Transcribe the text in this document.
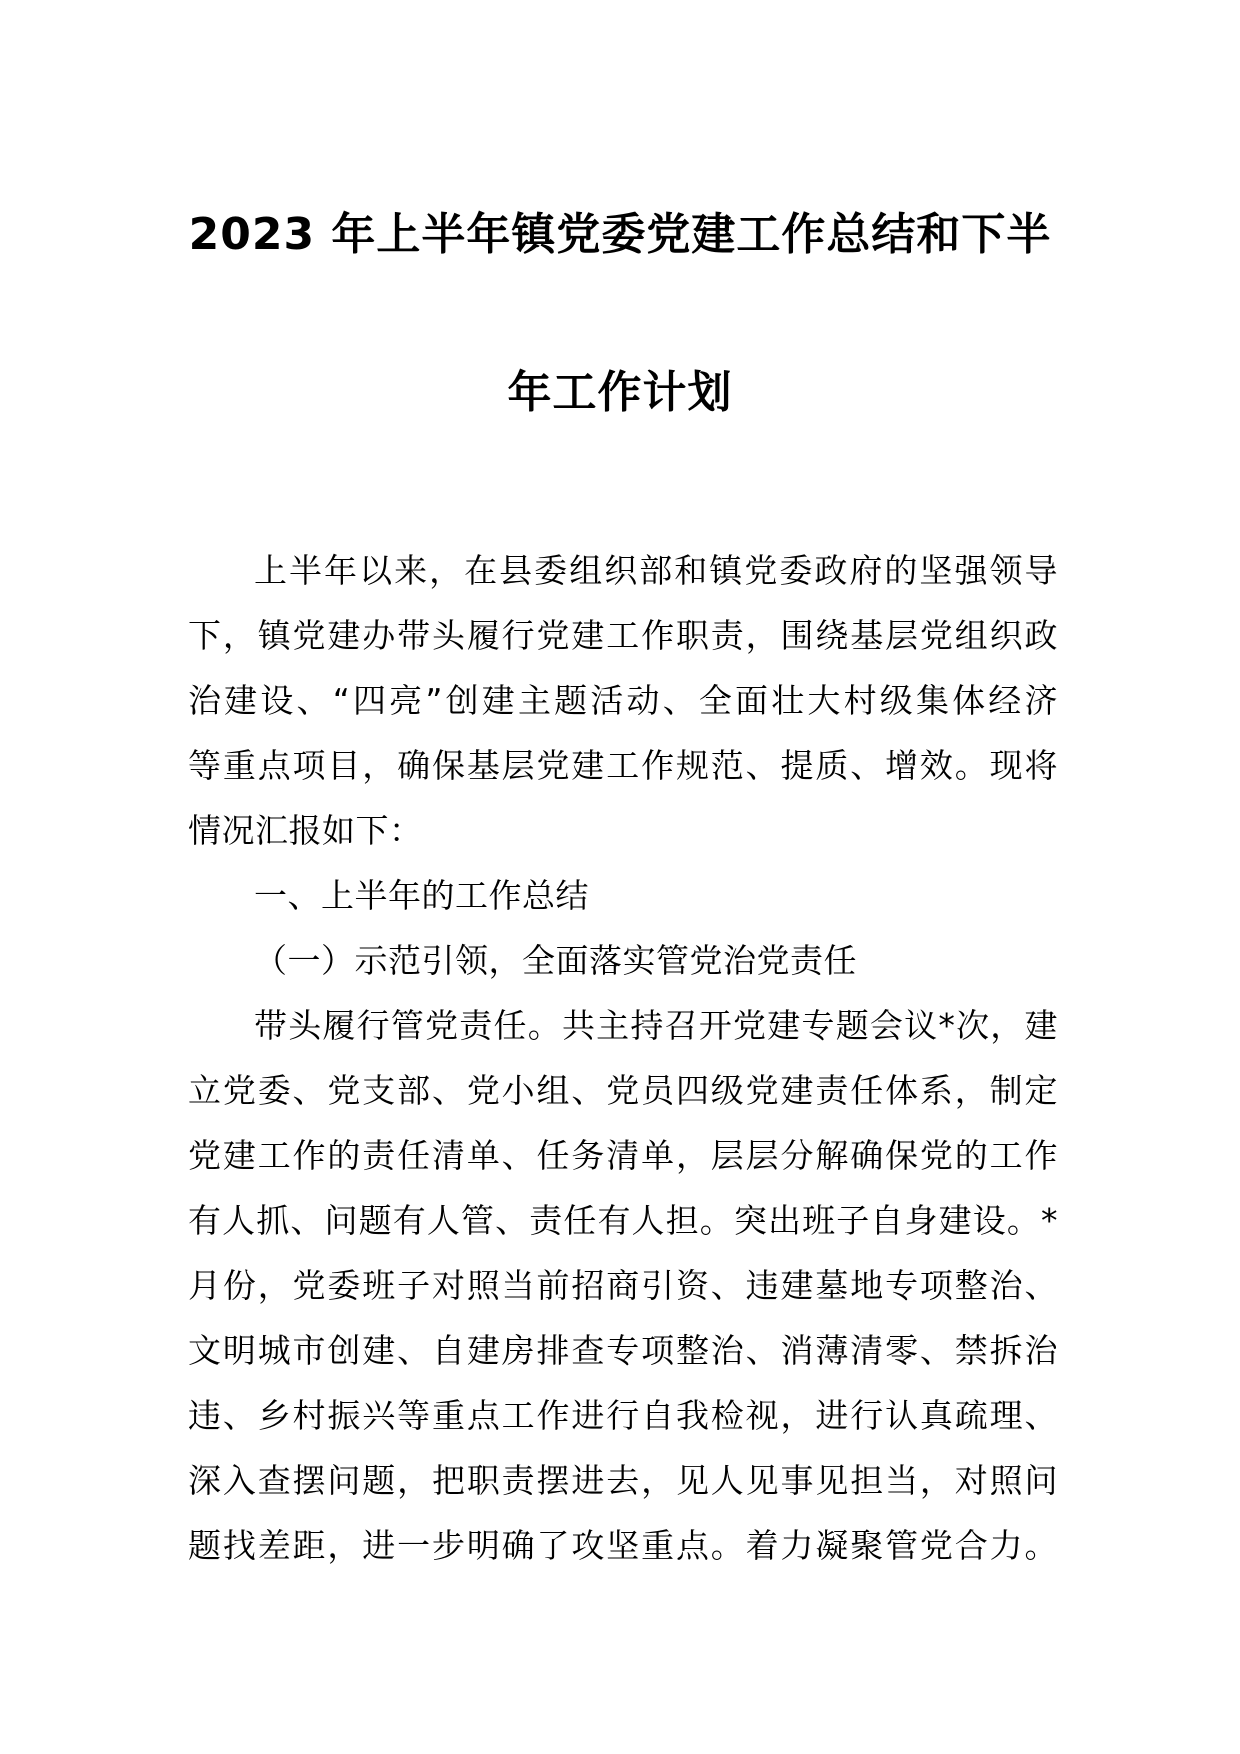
2023 年上半年镇党委党建工作总结和下半
年工作计划
上半年以来，在县委组织部和镇党委政府的坚强领导
下，镇党建办带头履行党建工作职责，围绕基层党组织政
治建设、“四亮”创建主题活动、全面壮大村级集体经济
等重点项目，确保基层党建工作规范、提质、增效。现将
情况汇报如下：
一、上半年的工作总结
（一）示范引领，全面落实管党治党责任
带头履行管党责任。共主持召开党建专题会议*次，建
立党委、党支部、党小组、党员四级党建责任体系，制定
党建工作的责任清单、任务清单，层层分解确保党的工作
有人抓、问题有人管、责任有人担。突出班子自身建设。*
月份，党委班子对照当前招商引资、违建墓地专项整治、
文明城市创建、自建房排查专项整治、消薄清零、禁拆治
违、乡村振兴等重点工作进行自我检视，进行认真疏理、
深入查摆问题，把职责摆进去，见人见事见担当，对照问
题找差距，进一步明确了攻坚重点。着力凝聚管党合力。
